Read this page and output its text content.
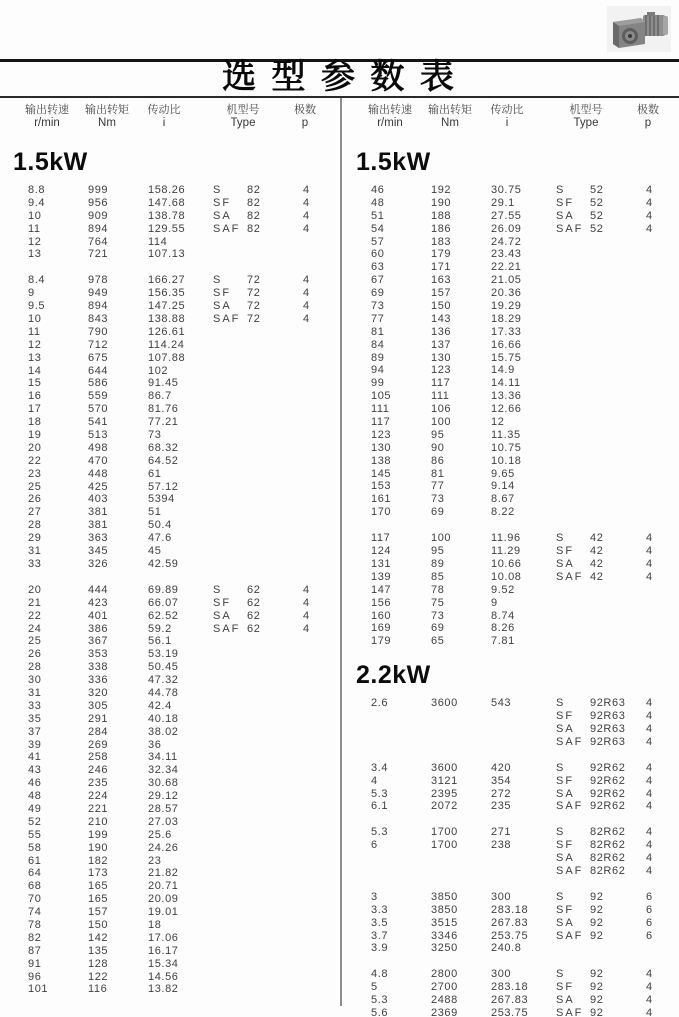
选 型 参 数 表
输出转速
r/min
输出转矩
Nm
传动比
i
机型号
Type
极数
p
1.5kW
8.8	999	158.26	S	82	4
9.4	956	147.68	SF	82	4
10	909	138.78	SA	82	4
11	894	129.55	SAF 82	4
12	764	114
13	721	107.13
8.4	978	166.27	S	72	4
9	949	156.35	SF	72	4
9.5	894	147.25	SA	72	4
10	843	138.88	SAF 72	4
11	790	126.61
12	712	114.24
13	675	107.88
14	644	102
15	586	91.45
16	559	86.7
17	570	81.76
18	541	77.21
19	513	73
20	498	68.32
22	470	64.52
23	448	61
25	425	57.12
26	403	5394
27	381	51
28	381	50.4
29	363	47.6
31	345	45
33	326	42.59
20	444	69.89	S	62	4
21	423	66.07	SF	62	4
22	401	62.52	SA	62	4
24	386	59.2	SAF 62	4
25	367	56.1
26	353	53.19
28	338	50.45
30	336	47.32
31	320	44.78
33	305	42.4
35	291	40.18
37	284	38.02
39	269	36
41	258	34.11
43	246	32.34
46	235	30.68
48	224	29.12
49	221	28.57
52	210	27.03
55	199	25.6
58	190	24.26
61	182	23
64	173	21.82
68	165	20.71
70	165	20.09
74	157	19.01
78	150	18
82	142	17.06
87	135	16.17
91	128	15.34
96	122	14.56
101	116	13.82
输出转速
r/min
输出转矩
Nm
传动比
i
机型号
Type
极数
p
1.5kW
46	192	30.75	S	52	4
48	190	29.1	SF	52	4
51	188	27.55	SA	52	4
54	186	26.09	SAF 52	4
57	183	24.72
60	179	23.43
63	171	22.21
67	163	21.05
69	157	20.36
73	150	19.29
77	143	18.29
81	136	17.33
84	137	16.66
89	130	15.75
94	123	14.9
99	117	14.11
105	111	13.36
111	106	12.66
117	100	12
123	95	11.35
130	90	10.75
138	86	10.18
145	81	9.65
153	77	9.14
161	73	8.67
170	69	8.22
117	100	11.96	S	42	4
124	95	11.29	SF	42	4
131	89	10.66	SA	42	4
139	85	10.08	SAF 42	4
147	78	9.52
156	75	9
160	73	8.74
169	69	8.26
179	65	7.81
2.2kW
2.6	3600	543	S	92R63	4
SF	92R63	4
SA	92R63	4
SAF 92R63	4
3.4	3600	420	S	92R62	4
4	3121	354	SF	92R62	4
5.3	2395	272	SA	92R62	4
6.1	2072	235	SAF 92R62	4
5.3	1700	271	S	82R62	4
6	1700	238	SF	82R62	4
SA	82R62	4
SAF 82R62	4
3	3850	300	S	92	6
3.3	3850	283.18	SF	92	6
3.5	3515	267.83	SA	92	6
3.7	3346	253.75	SAF 92	6
3.9	3250	240.8
4.8	2800	300	S	92	4
5	2700	283.18	SF	92	4
5.3	2488	267.83	SA	92	4
5.6	2369	253.75	SAF 92	4
